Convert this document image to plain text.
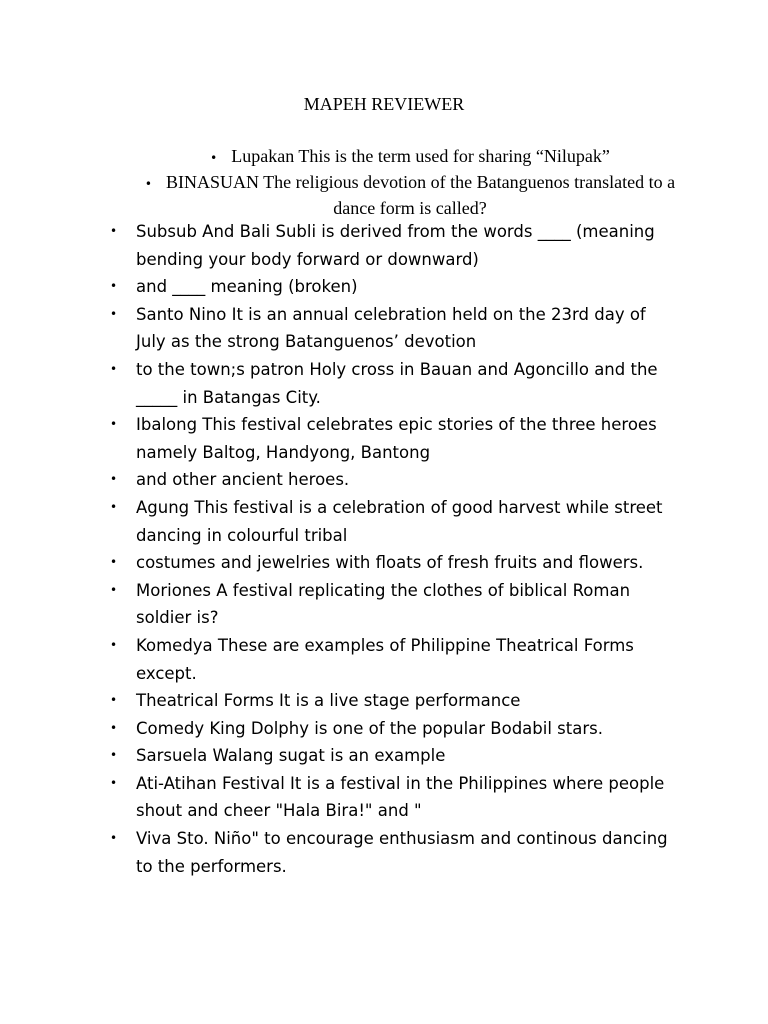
MAPEH REVIEWER
• Lupakan This is the term used for sharing “Nilupak”
• BINASUAN The religious devotion of the Batanguenos translated to a dance form is called?
• Subsub And Bali Subli is derived from the words ____ (meaning bending your body forward or downward)
• and ____ meaning (broken)
• Santo Nino It is an annual celebration held on the 23rd day of July as the strong Batanguenos’ devotion
• to the town;s patron Holy cross in Bauan and Agoncillo and the _____ in Batangas City.
• Ibalong This festival celebrates epic stories of the three heroes namely Baltog, Handyong, Bantong
• and other ancient heroes.
• Agung This festival is a celebration of good harvest while street dancing in colourful tribal
• costumes and jewelries with floats of fresh fruits and flowers.
• Moriones A festival replicating the clothes of biblical Roman soldier is?
• Komedya These are examples of Philippine Theatrical Forms except.
• Theatrical Forms It is a live stage performance
• Comedy King Dolphy is one of the popular Bodabil stars.
• Sarsuela Walang sugat is an example
• Ati-Atihan Festival It is a festival in the Philippines where people shout and cheer "Hala Bira!" and "
• Viva Sto. Niño" to encourage enthusiasm and continous dancing to the performers.
